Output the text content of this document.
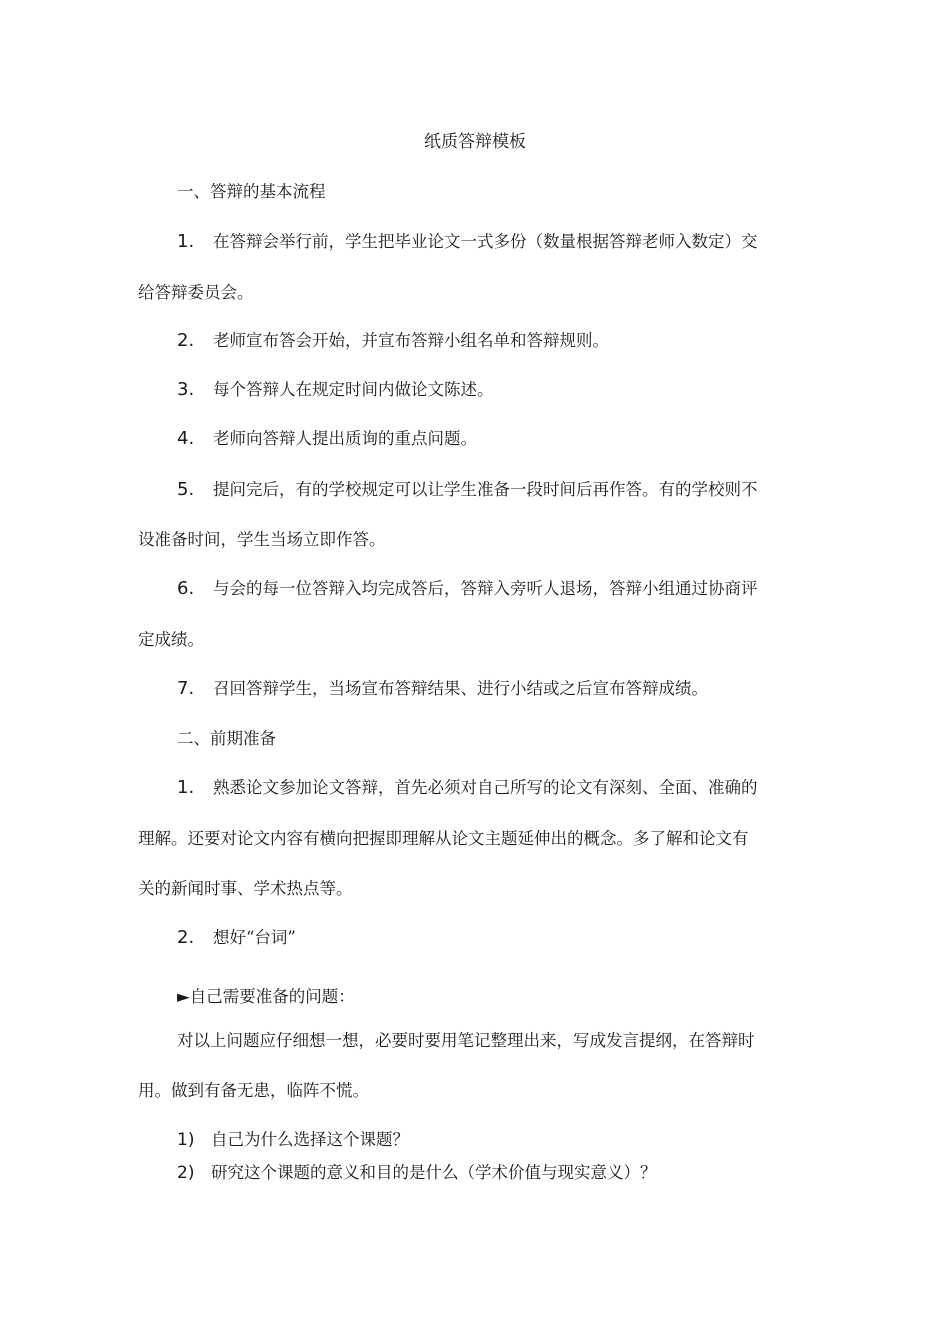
纸质答辩模板
一、答辩的基本流程
1. 在答辩会举行前，学生把毕业论文一式多份（数量根据答辩老师入数定）交
给答辩委员会。
2. 老师宣布答会开始，并宣布答辩小组名单和答辩规则。
3. 每个答辩人在规定时间内做论文陈述。
4. 老师向答辩人提出质询的重点问题。
5. 提问完后，有的学校规定可以让学生准备一段时间后再作答。有的学校则不
设准备时间，学生当场立即作答。
6. 与会的每一位答辩入均完成答后，答辩入旁听人退场，答辩小组通过协商评
定成绩。
7. 召回答辩学生，当场宣布答辩结果、进行小结或之后宣布答辩成绩。
二、前期准备
1. 熟悉论文参加论文答辩，首先必须对自己所写的论文有深刻、全面、准确的
理解。还要对论文内容有横向把握即理解从论文主题延伸出的概念。多了解和论文有
关的新闻时事、学术热点等。
2. 想好“台词”
►自己需要准备的问题：
对以上问题应仔细想一想，必要时要用笔记整理出来，写成发言提纲，在答辩时
用。做到有备无患，临阵不慌。
1) 自己为什么选择这个课题？
2) 研究这个课题的意义和目的是什么（学术价值与现实意义）？
